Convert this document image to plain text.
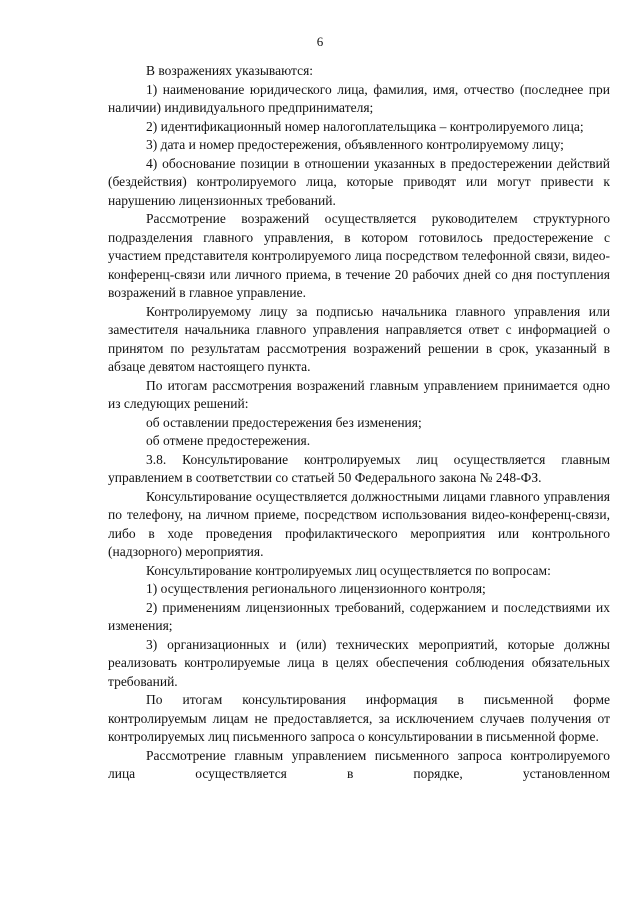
6

В возражениях указываются:

1) наименование юридического лица, фамилия, имя, отчество (последнее при наличии) индивидуального предпринимателя;

2) идентификационный номер налогоплательщика – контролируемого лица;

3) дата и номер предостережения, объявленного контролируемому лицу;

4) обоснование позиции в отношении указанных в предостережении действий (бездействия) контролируемого лица, которые приводят или могут привести к нарушению лицензионных требований.

Рассмотрение возражений осуществляется руководителем структурного подразделения главного управления, в котором готовилось предостережение с участием представителя контролируемого лица посредством телефонной связи, видео-конференц-связи или личного приема, в течение 20 рабочих дней со дня поступления возражений в главное управление.

Контролируемому лицу за подписью начальника главного управления или заместителя начальника главного управления направляется ответ с информацией о принятом по результатам рассмотрения возражений решении в срок, указанный в абзаце девятом настоящего пункта.

По итогам рассмотрения возражений главным управлением принимается одно из следующих решений:

об оставлении предостережения без изменения;

об отмене предостережения.

3.8. Консультирование контролируемых лиц осуществляется главным управлением в соответствии со статьей 50 Федерального закона № 248-ФЗ.

Консультирование осуществляется должностными лицами главного управления по телефону, на личном приеме, посредством использования видео-конференц-связи, либо в ходе проведения профилактического мероприятия или контрольного (надзорного) мероприятия.

Консультирование контролируемых лиц осуществляется по вопросам:

1) осуществления регионального лицензионного контроля;

2) применениям лицензионных требований, содержанием и последствиями их изменения;

3) организационных и (или) технических мероприятий, которые должны реализовать контролируемые лица в целях обеспечения соблюдения обязательных требований.

По итогам консультирования информация в письменной форме контролируемым лицам не предоставляется, за исключением случаев получения от контролируемых лиц письменного запроса о консультировании в письменной форме.

Рассмотрение главным управлением письменного запроса контролируемого лица осуществляется в порядке, установленном
